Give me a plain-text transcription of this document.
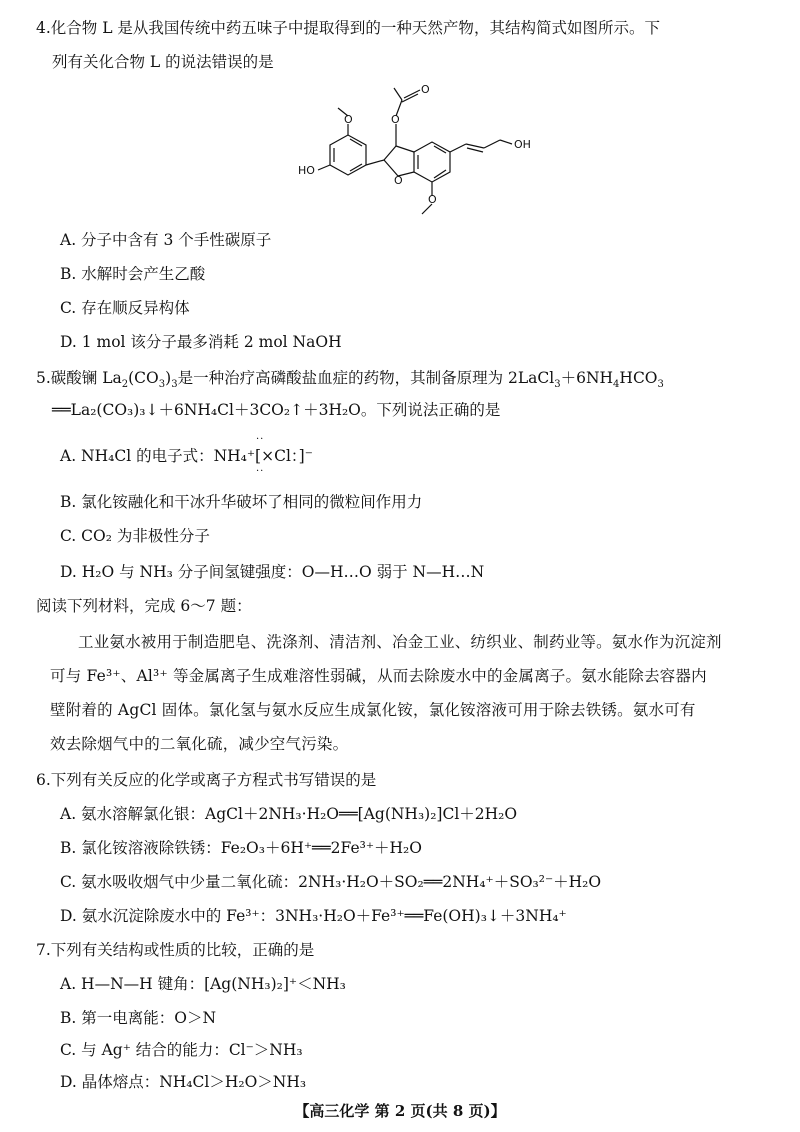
4.化合物 L 是从我国传统中药五味子中提取得到的一种天然产物，其结构简式如图所示。下
列有关化合物 L 的说法错误的是
O	O
O
O
O
HO
OH
A. 分子中含有 3 个手性碳原子
B. 水解时会产生乙酸
C. 存在顺反异构体
D. 1 mol 该分子最多消耗 2 mol NaOH
5.碳酸镧 $La_2(CO_3)_3$是一种治疗高磷酸盐血症的药物，其制备原理为 $2LaCl_3+6NH_4HCO_3$
══La₂(CO₃)₃↓＋6NH₄Cl＋3CO₂↑＋3H₂O。下列说法正确的是
··
A. NH₄Cl 的电子式：NH₄⁺[×Cl：]⁻
··
B. 氯化铵融化和干冰升华破坏了相同的微粒间作用力
C. CO₂ 为非极性分子
D. H₂O 与 NH₃ 分子间氢键强度：O—H…O 弱于 N—H…N
阅读下列材料，完成 6～7 题：
工业氨水被用于制造肥皂、洗涤剂、清洁剂、冶金工业、纺织业、制药业等。氨水作为沉淀剂
可与 Fe³⁺、Al³⁺ 等金属离子生成难溶性弱碱，从而去除废水中的金属离子。氨水能除去容器内
壁附着的 AgCl 固体。氯化氢与氨水反应生成氯化铵，氯化铵溶液可用于除去铁锈。氨水可有
效去除烟气中的二氧化硫，减少空气污染。
6.下列有关反应的化学或离子方程式书写错误的是
A. 氨水溶解氯化银：AgCl＋2NH₃·H₂O══[Ag(NH₃)₂]Cl＋2H₂O
B. 氯化铵溶液除铁锈：Fe₂O₃＋6H⁺══2Fe³⁺＋H₂O
C. 氨水吸收烟气中少量二氧化硫：2NH₃·H₂O＋SO₂══2NH₄⁺＋SO₃²⁻＋H₂O
D. 氨水沉淀除废水中的 Fe³⁺：3NH₃·H₂O＋Fe³⁺══Fe(OH)₃↓＋3NH₄⁺
7.下列有关结构或性质的比较，正确的是
A. H—N—H 键角：[Ag(NH₃)₂]⁺＜NH₃
B. 第一电离能：O＞N
C. 与 Ag⁺ 结合的能力：Cl⁻＞NH₃
D. 晶体熔点：NH₄Cl＞H₂O＞NH₃
【高三化学 第 2 页(共 8 页)】
